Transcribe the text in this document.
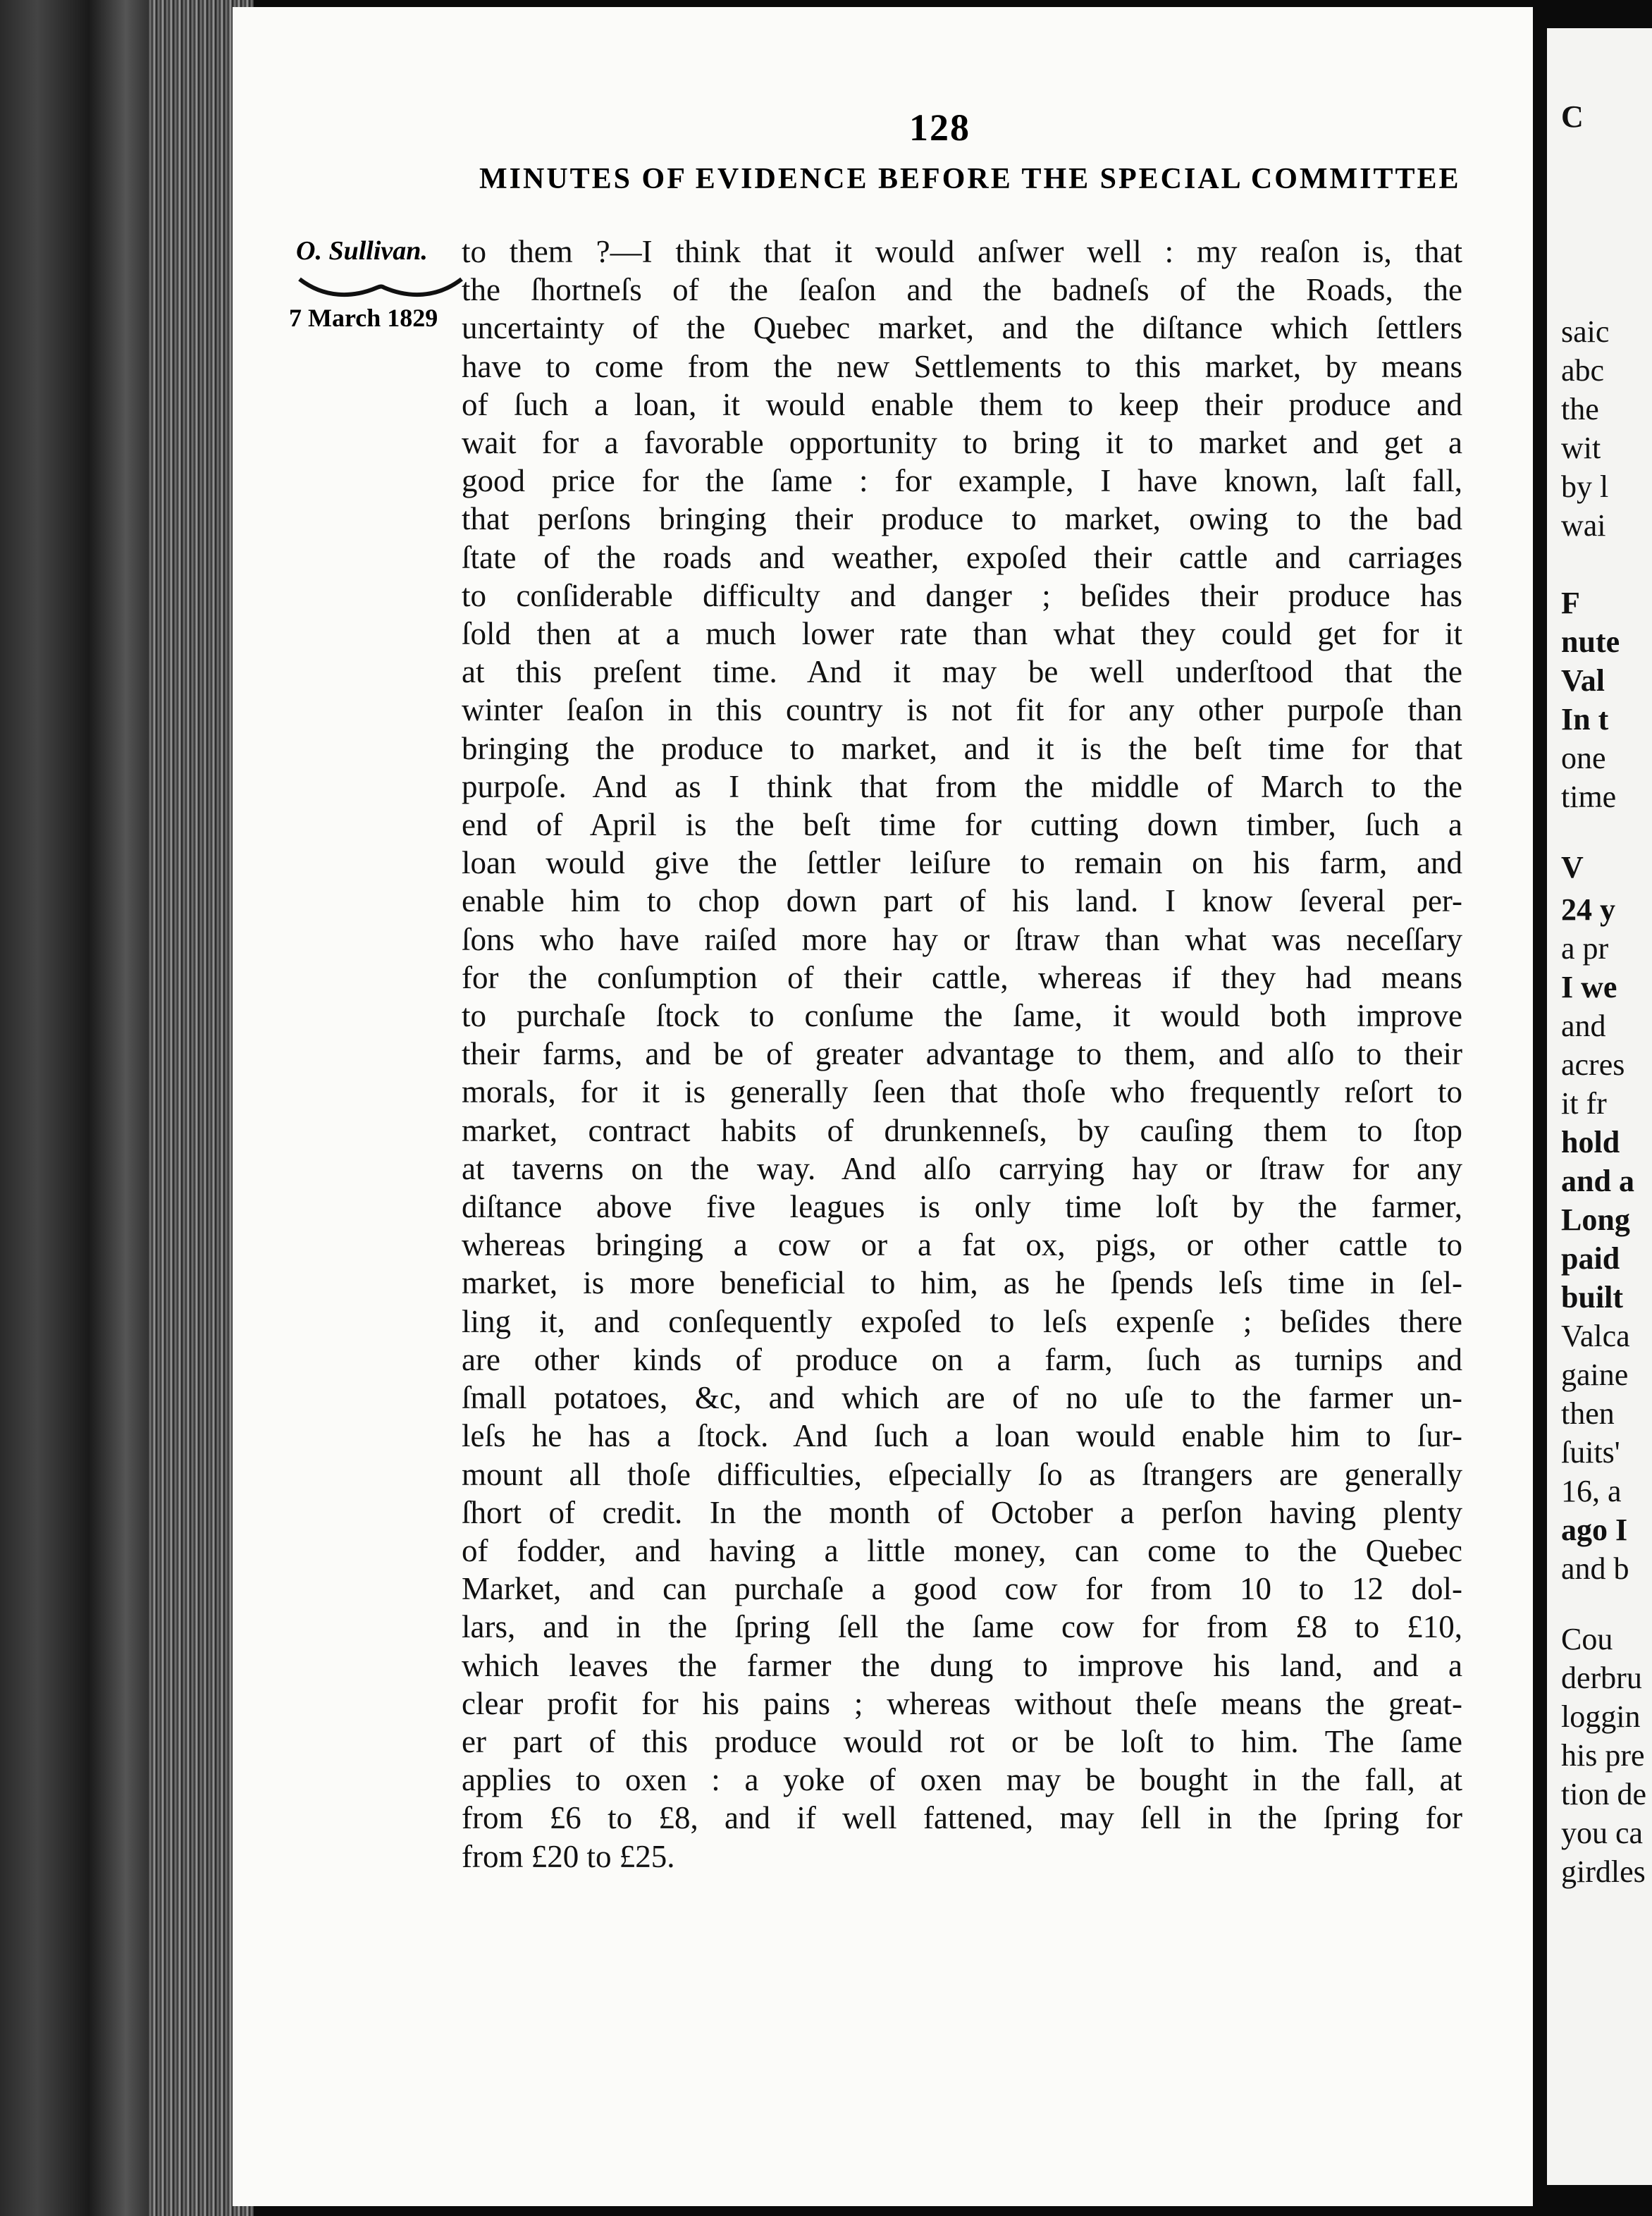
128
MINUTES OF EVIDENCE BEFORE THE SPECIAL COMMITTEE
O. Sullivan.
7 March 1829
to them ?—I think that it would anſwer well : my reaſon is, that
the ſhortneſs of the ſeaſon and the badneſs of the Roads, the
uncertainty of the Quebec market, and the diſtance which ſettlers
have to come from the new Settlements to this market, by means
of ſuch a loan, it would enable them to keep their produce and
wait for a favorable opportunity to bring it to market and get a
good price for the ſame : for example, I have known, laſt fall,
that perſons bringing their produce to market, owing to the bad
ſtate of the roads and weather, expoſed their cattle and carriages
to conſiderable difficulty and danger ; beſides their produce has
ſold then at a much lower rate than what they could get for it
at this preſent time. And it may be well underſtood that the
winter ſeaſon in this country is not fit for any other purpoſe than
bringing the produce to market, and it is the beſt time for that
purpoſe. And as I think that from the middle of March to the
end of April is the beſt time for cutting down timber, ſuch a
loan would give the ſettler leiſure to remain on his farm, and
enable him to chop down part of his land. I know ſeveral per-
ſons who have raiſed more hay or ſtraw than what was neceſſary
for the conſumption of their cattle, whereas if they had means
to purchaſe ſtock to conſume the ſame, it would both improve
their farms, and be of greater advantage to them, and alſo to their
morals, for it is generally ſeen that thoſe who frequently reſort to
market, contract habits of drunkenneſs, by cauſing them to ſtop
at taverns on the way. And alſo carrying hay or ſtraw for any
diſtance above five leagues is only time loſt by the farmer,
whereas bringing a cow or a fat ox, pigs, or other cattle to
market, is more beneficial to him, as he ſpends leſs time in ſel-
ling it, and conſequently expoſed to leſs expenſe ; beſides there
are other kinds of produce on a farm, ſuch as turnips and
ſmall potatoes, &c, and which are of no uſe to the farmer un-
leſs he has a ſtock. And ſuch a loan would enable him to ſur-
mount all thoſe difficulties, eſpecially ſo as ſtrangers are generally
ſhort of credit. In the month of October a perſon having plenty
of fodder, and having a little money, can come to the Quebec
Market, and can purchaſe a good cow for from 10 to 12 dol-
lars, and in the ſpring ſell the ſame cow for from £8 to £10,
which leaves the farmer the dung to improve his land, and a
clear profit for his pains ; whereas without theſe means the great-
er part of this produce would rot or be loſt to him. The ſame
applies to oxen : a yoke of oxen may be bought in the fall, at
from £6 to £8, and if well fattened, may ſell in the ſpring for
from £20 to £25.
C
saic
abc
the
wit
by l
wai
F
nute
Val
In t
one
time
V
24 y
a pr
I we
and
acres
it fr
hold
and a
Long
paid
built
Valca
gaine
then
ſuits'
16, a
ago I
and b
Cou
derbru
loggin
his pre
tion de
you ca
girdles
